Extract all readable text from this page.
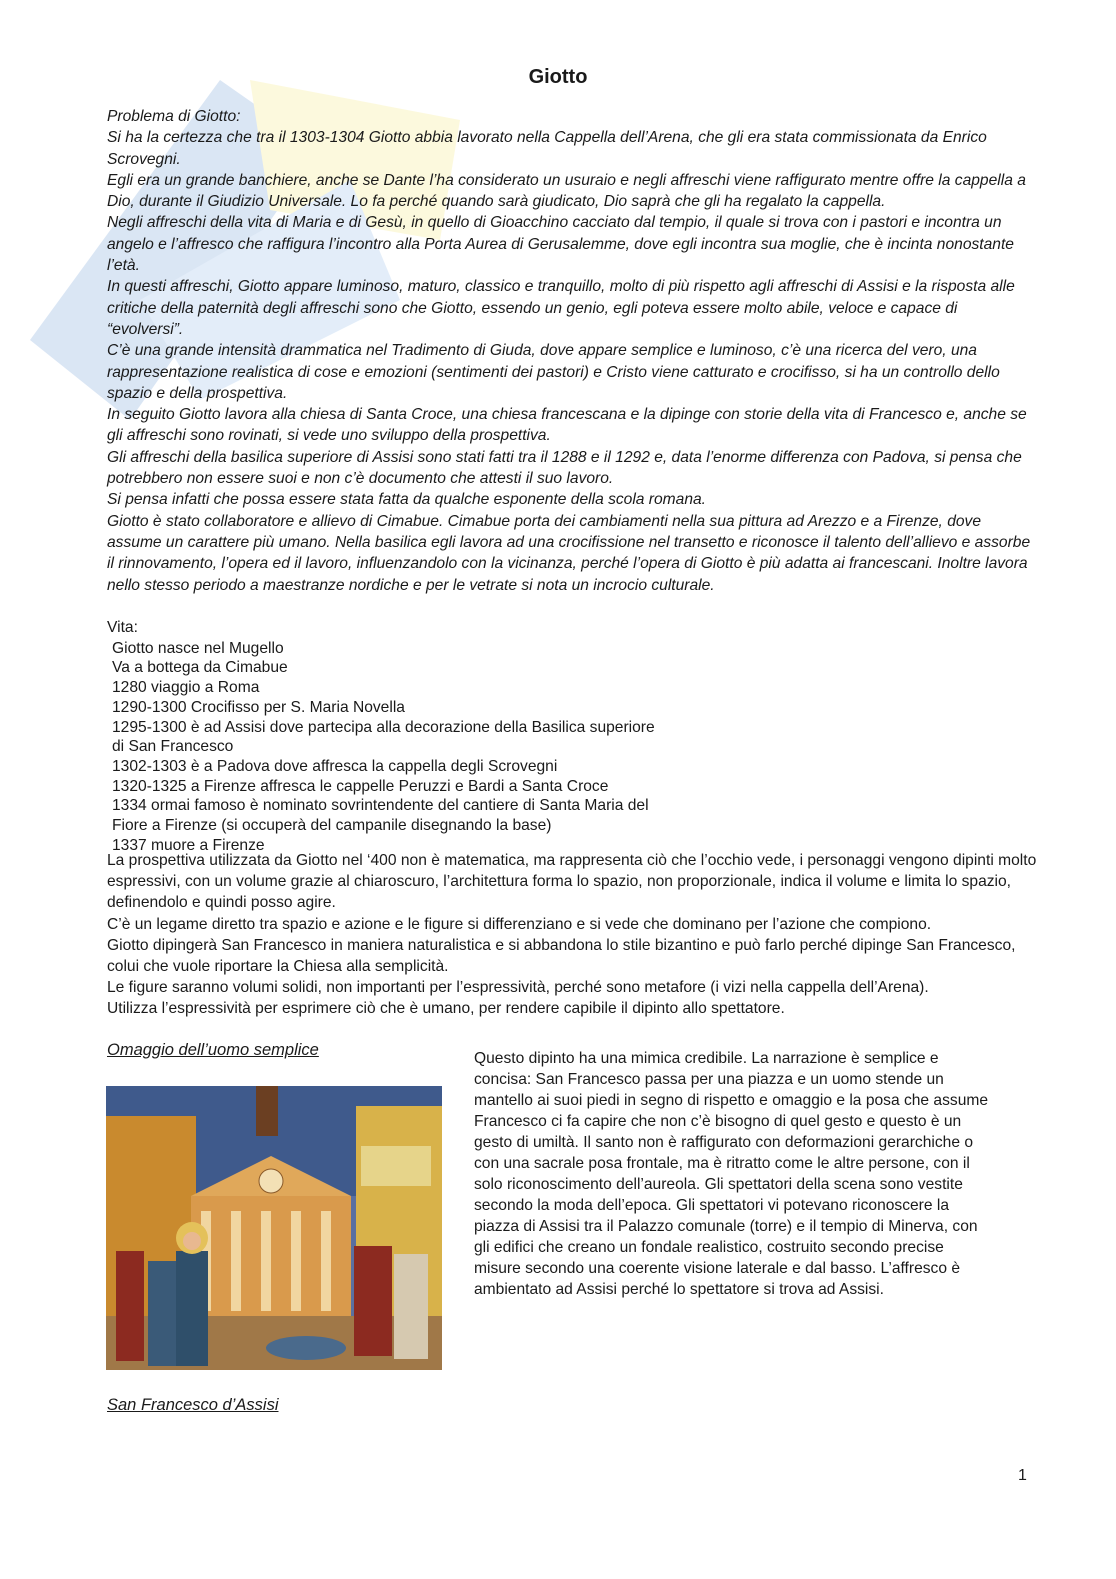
Giotto

Problema di Giotto:

Si ha la certezza che tra il 1303-1304 Giotto abbia lavorato nella Cappella dell’Arena, che gli era stata commissionata da Enrico Scrovegni.

Egli era un grande banchiere, anche se Dante l’ha considerato un usuraio e negli affreschi viene raffigurato mentre offre la cappella a Dio, durante il Giudizio Universale. Lo fa perché quando sarà giudicato, Dio saprà che gli ha regalato la cappella.

Negli affreschi della vita di Maria e di Gesù, in quello di Gioacchino cacciato dal tempio, il quale si trova con i pastori e incontra un angelo e l’affresco che raffigura l’incontro alla Porta Aurea di Gerusalemme, dove egli incontra sua moglie, che è incinta nonostante l’età.

In questi affreschi, Giotto appare luminoso, maturo, classico e tranquillo, molto di più rispetto agli affreschi di Assisi e la risposta alle critiche della paternità degli affreschi sono che Giotto, essendo un genio, egli poteva essere molto abile, veloce e capace di “evolversi”.

C’è una grande intensità drammatica nel Tradimento di Giuda, dove appare semplice e luminoso, c’è una ricerca del vero, una rappresentazione realistica di cose e emozioni (sentimenti dei pastori) e Cristo viene catturato e crocifisso, si ha un controllo dello spazio e della prospettiva.

In seguito Giotto lavora alla chiesa di Santa Croce, una chiesa francescana e la dipinge con storie della vita di Francesco e, anche se gli affreschi sono rovinati, si vede uno sviluppo della prospettiva.

Gli affreschi della basilica superiore di Assisi sono stati fatti tra il 1288 e il 1292 e, data l’enorme differenza con Padova, si pensa che potrebbero non essere suoi e non c’è documento che attesti il suo lavoro.

Si pensa infatti che possa essere stata fatta da qualche esponente della scola romana.

Giotto è stato collaboratore e allievo di Cimabue. Cimabue porta dei cambiamenti nella sua pittura ad Arezzo e a Firenze, dove assume un carattere più umano. Nella basilica egli lavora ad una crocifissione nel transetto e riconosce il talento dell’allievo e assorbe il rinnovamento, l’opera ed il lavoro, influenzandolo con la vicinanza, perché l’opera di Giotto è più adatta ai francescani. Inoltre lavora nello stesso periodo a maestranze nordiche e per le vetrate si nota un incrocio culturale.

Vita:

Giotto nasce nel Mugello
Va a bottega da Cimabue
1280 viaggio a Roma
1290-1300 Crocifisso per S. Maria Novella
1295-1300 è ad Assisi dove partecipa alla decorazione della Basilica superiore
di San Francesco
1302-1303 è a Padova dove affresca la cappella degli Scrovegni
1320-1325 a Firenze affresca le cappelle Peruzzi e Bardi a Santa Croce
1334 ormai famoso è nominato sovrintendente del cantiere di Santa Maria del
Fiore a Firenze (si occuperà del campanile disegnando la base)
1337 muore a Firenze

La prospettiva utilizzata da Giotto nel ‘400 non è matematica, ma rappresenta ciò che l’occhio vede, i personaggi vengono dipinti molto espressivi, con un volume grazie al chiaroscuro, l’architettura forma lo spazio, non proporzionale, indica il volume e limita lo spazio, definendolo e quindi posso agire.

C’è un legame diretto tra spazio e azione e le figure si differenziano e si vede che dominano per l’azione che compiono.

Giotto dipingerà San Francesco in maniera naturalistica e si abbandona lo stile bizantino e può farlo perché dipinge San Francesco, colui che vuole riportare la Chiesa alla semplicità.

Le figure saranno volumi solidi, non importanti per l’espressività, perché sono metafore (i vizi nella cappella dell’Arena).

Utilizza l’espressività per esprimere ciò che è umano, per rendere capibile il dipinto allo spettatore.

Omaggio dell’uomo semplice	Questo dipinto ha una mimica credibile. La narrazione è semplice e concisa: San Francesco passa per una piazza e un uomo stende un mantello ai suoi piedi in segno di rispetto e omaggio e la posa che assume Francesco ci fa capire che non c’è bisogno di quel gesto e questo è un gesto di umiltà. Il santo non è raffigurato con deformazioni gerarchiche o con una sacrale posa frontale, ma è ritratto come le altre persone, con il solo riconoscimento dell’aureola. Gli spettatori della scena sono vestite secondo la moda dell’epoca. Gli spettatori vi potevano riconoscere la piazza di Assisi tra il Palazzo comunale (torre) e il tempio di Minerva, con gli edifici che creano un fondale realistico, costruito secondo precise misure secondo una coerente visione laterale e dal basso. L’affresco è ambientato ad Assisi perché lo spettatore si trova ad Assisi.
San Francesco d’Assisi
1
